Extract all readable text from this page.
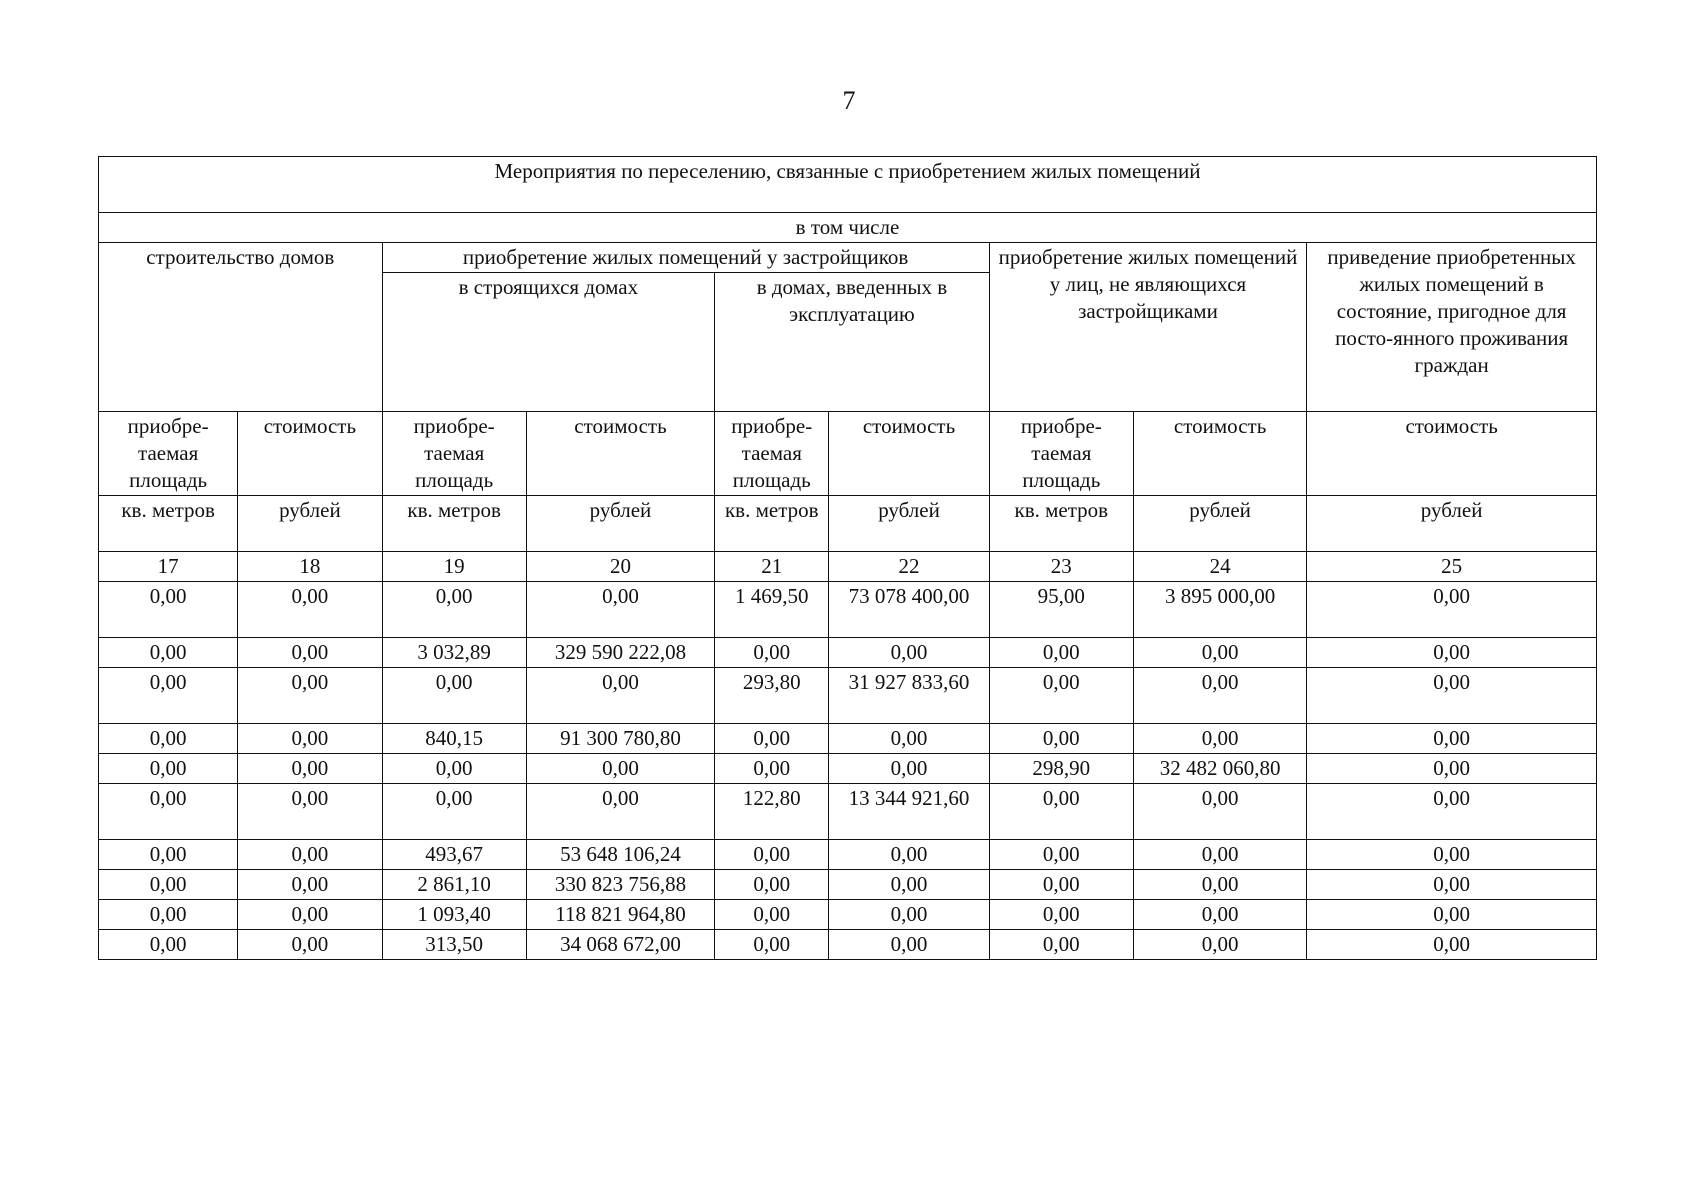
7
Мероприятия по переселению, связанные с приобретением жилых помещений								
в том числе								
строительство домов		приобретение жилых помещений у застройщиков				приобретение жилых помещений у лиц, не являющихся застройщиками		приведение приобретенных жилых помещений в состояние, пригодное для посто-янного проживания граждан
		в строящихся домах		в домах, введенных в эксплуатацию				
приобре-таемая площадь	стоимость	приобре-таемая площадь	стоимость	приобре-таемая площадь	стоимость	приобре-таемая площадь	стоимость	стоимость
кв. метров	рублей	кв. метров	рублей	кв. метров	рублей	кв. метров	рублей	рублей
17	18	19	20	21	22	23	24	25
0,00	0,00	0,00	0,00	1 469,50	73 078 400,00	95,00	3 895 000,00	0,00
0,00	0,00	3 032,89	329 590 222,08	0,00	0,00	0,00	0,00	0,00
0,00	0,00	0,00	0,00	293,80	31 927 833,60	0,00	0,00	0,00
0,00	0,00	840,15	91 300 780,80	0,00	0,00	0,00	0,00	0,00
0,00	0,00	0,00	0,00	0,00	0,00	298,90	32 482 060,80	0,00
0,00	0,00	0,00	0,00	122,80	13 344 921,60	0,00	0,00	0,00
0,00	0,00	493,67	53 648 106,24	0,00	0,00	0,00	0,00	0,00
0,00	0,00	2 861,10	330 823 756,88	0,00	0,00	0,00	0,00	0,00
0,00	0,00	1 093,40	118 821 964,80	0,00	0,00	0,00	0,00	0,00
0,00	0,00	313,50	34 068 672,00	0,00	0,00	0,00	0,00	0,00
